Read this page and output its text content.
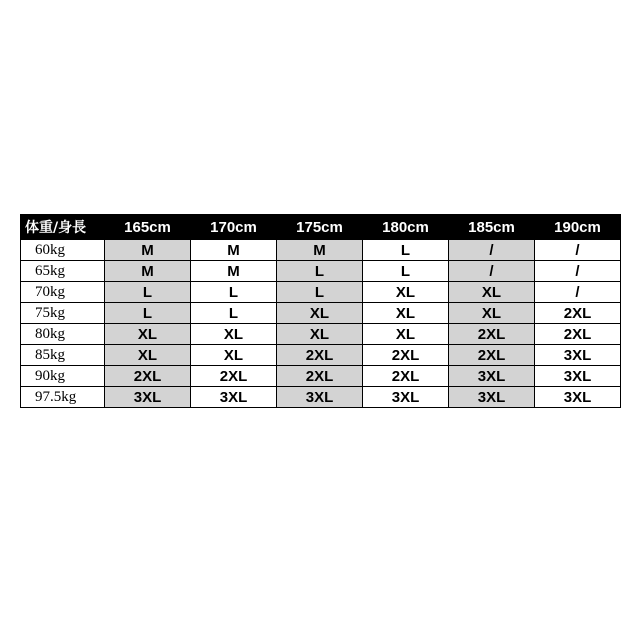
体重/身長	165cm	170cm	175cm	180cm	185cm	190cm
60kg	M	M	M	L	/	/
65kg	M	M	L	L	/	/
70kg	L	L	L	XL	XL	/
75kg	L	L	XL	XL	XL	2XL
80kg	XL	XL	XL	XL	2XL	2XL
85kg	XL	XL	2XL	2XL	2XL	3XL
90kg	2XL	2XL	2XL	2XL	3XL	3XL
97.5kg	3XL	3XL	3XL	3XL	3XL	3XL
